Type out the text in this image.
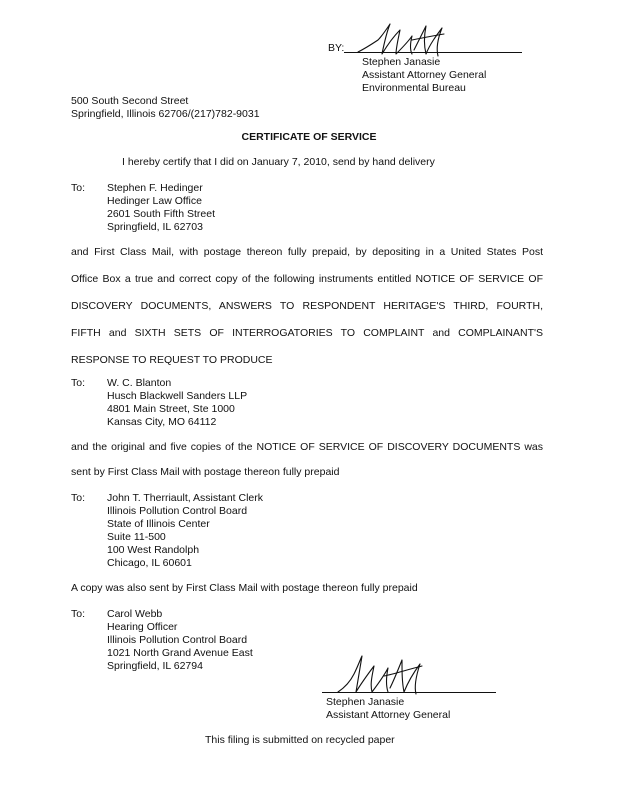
BY:
Stephen Janasie
Assistant Attorney General
Environmental Bureau
500 South Second Street
Springfield, Illinois 62706/(217)782-9031
CERTIFICATE OF SERVICE
I hereby certify that I did on January 7, 2010, send by hand delivery
To: Stephen F. Hedinger
Hedinger Law Office
2601 South Fifth Street
Springfield, IL 62703
and First Class Mail, with postage thereon fully prepaid, by depositing in a United States Post
Office Box a true and correct copy of the following instruments entitled NOTICE OF SERVICE OF
DISCOVERY DOCUMENTS, ANSWERS TO RESPONDENT HERITAGE'S THIRD, FOURTH,
FIFTH and SIXTH SETS OF INTERROGATORIES TO COMPLAINT and COMPLAINANT'S
RESPONSE TO REQUEST TO PRODUCE
To: W. C. Blanton
Husch Blackwell Sanders LLP
4801 Main Street, Ste 1000
Kansas City, MO 64112
and the original and five copies of the NOTICE OF SERVICE OF DISCOVERY DOCUMENTS was
sent by First Class Mail with postage thereon fully prepaid
To: John T. Therriault, Assistant Clerk
Illinois Pollution Control Board
State of Illinois Center
Suite 11-500
100 West Randolph
Chicago, IL 60601
A copy was also sent by First Class Mail with postage thereon fully prepaid
To: Carol Webb
Hearing Officer
Illinois Pollution Control Board
1021 North Grand Avenue East
Springfield, IL 62794
Stephen Janasie
Assistant Attorney General
This filing is submitted on recycled paper
